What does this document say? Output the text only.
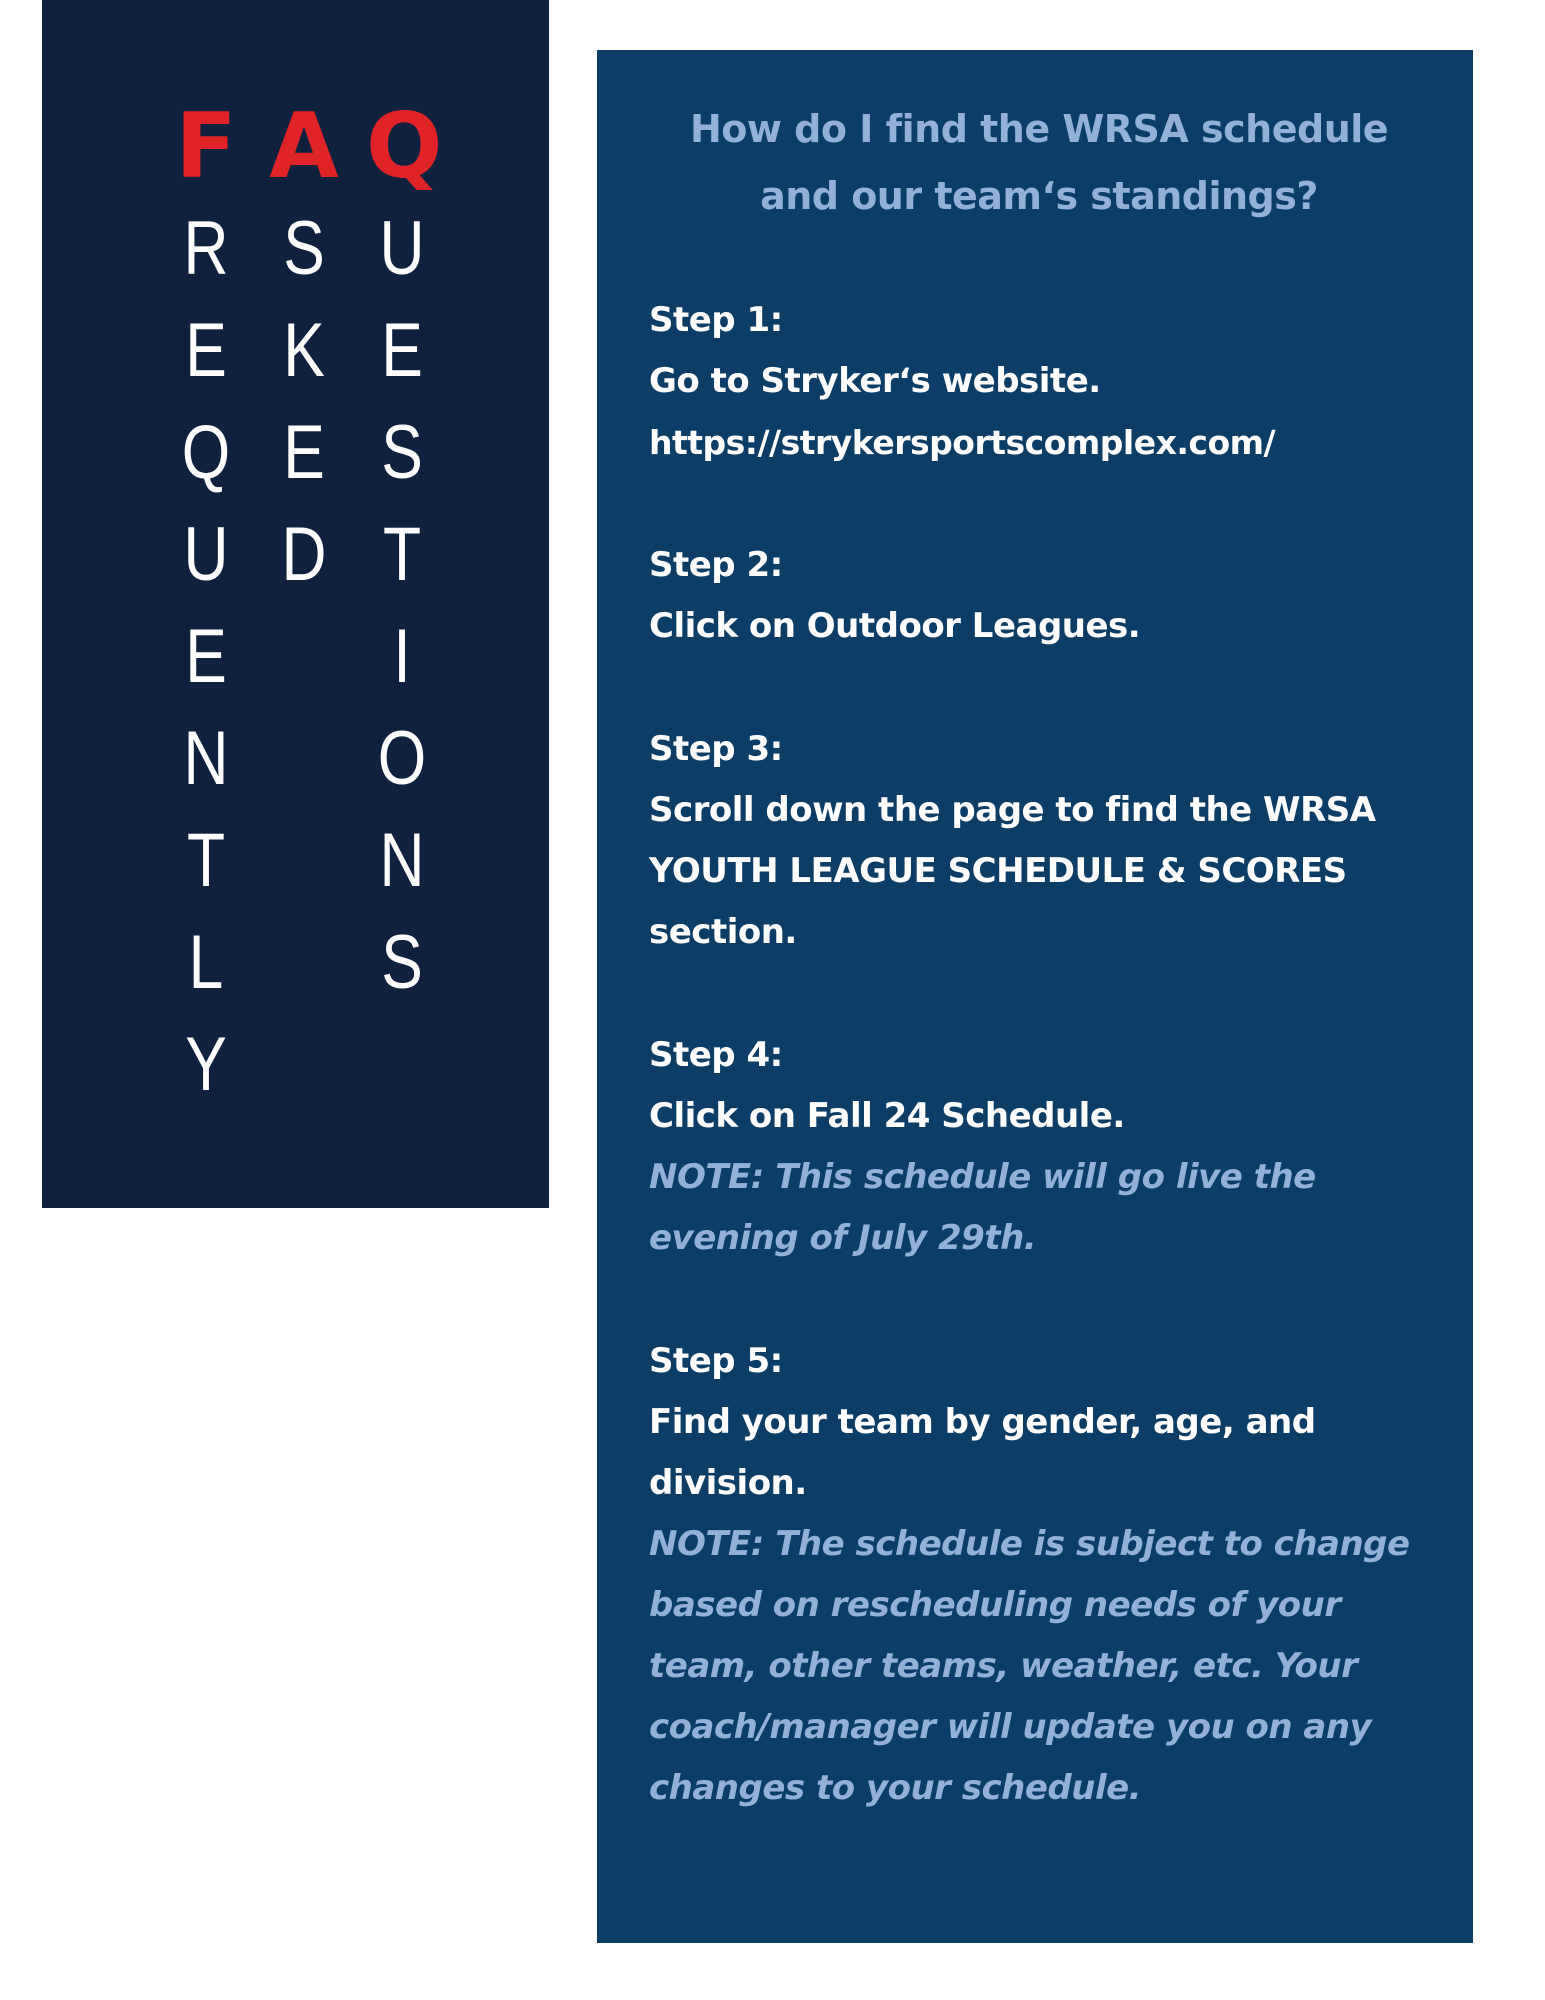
F
R
E
Q
U
E
N
T
L
Y
A
S
K
E
D
Q
U
E
S
T
I
O
N
S
How do I find the WRSA schedule and our team‘s standings?
Step 1:
Go to Stryker‘s website.
https://strykersportscomplex.com/
Step 2:
Click on Outdoor Leagues.
Step 3:
Scroll down the page to find the WRSA YOUTH LEAGUE SCHEDULE & SCORES section.
Step 4:
Click on Fall 24 Schedule.
NOTE: This schedule will go live the evening of July 29th.
Step 5:
Find your team by gender, age, and division.
NOTE: The schedule is subject to change based on rescheduling needs of your team, other teams, weather, etc. Your coach/manager will update you on any changes to your schedule.
